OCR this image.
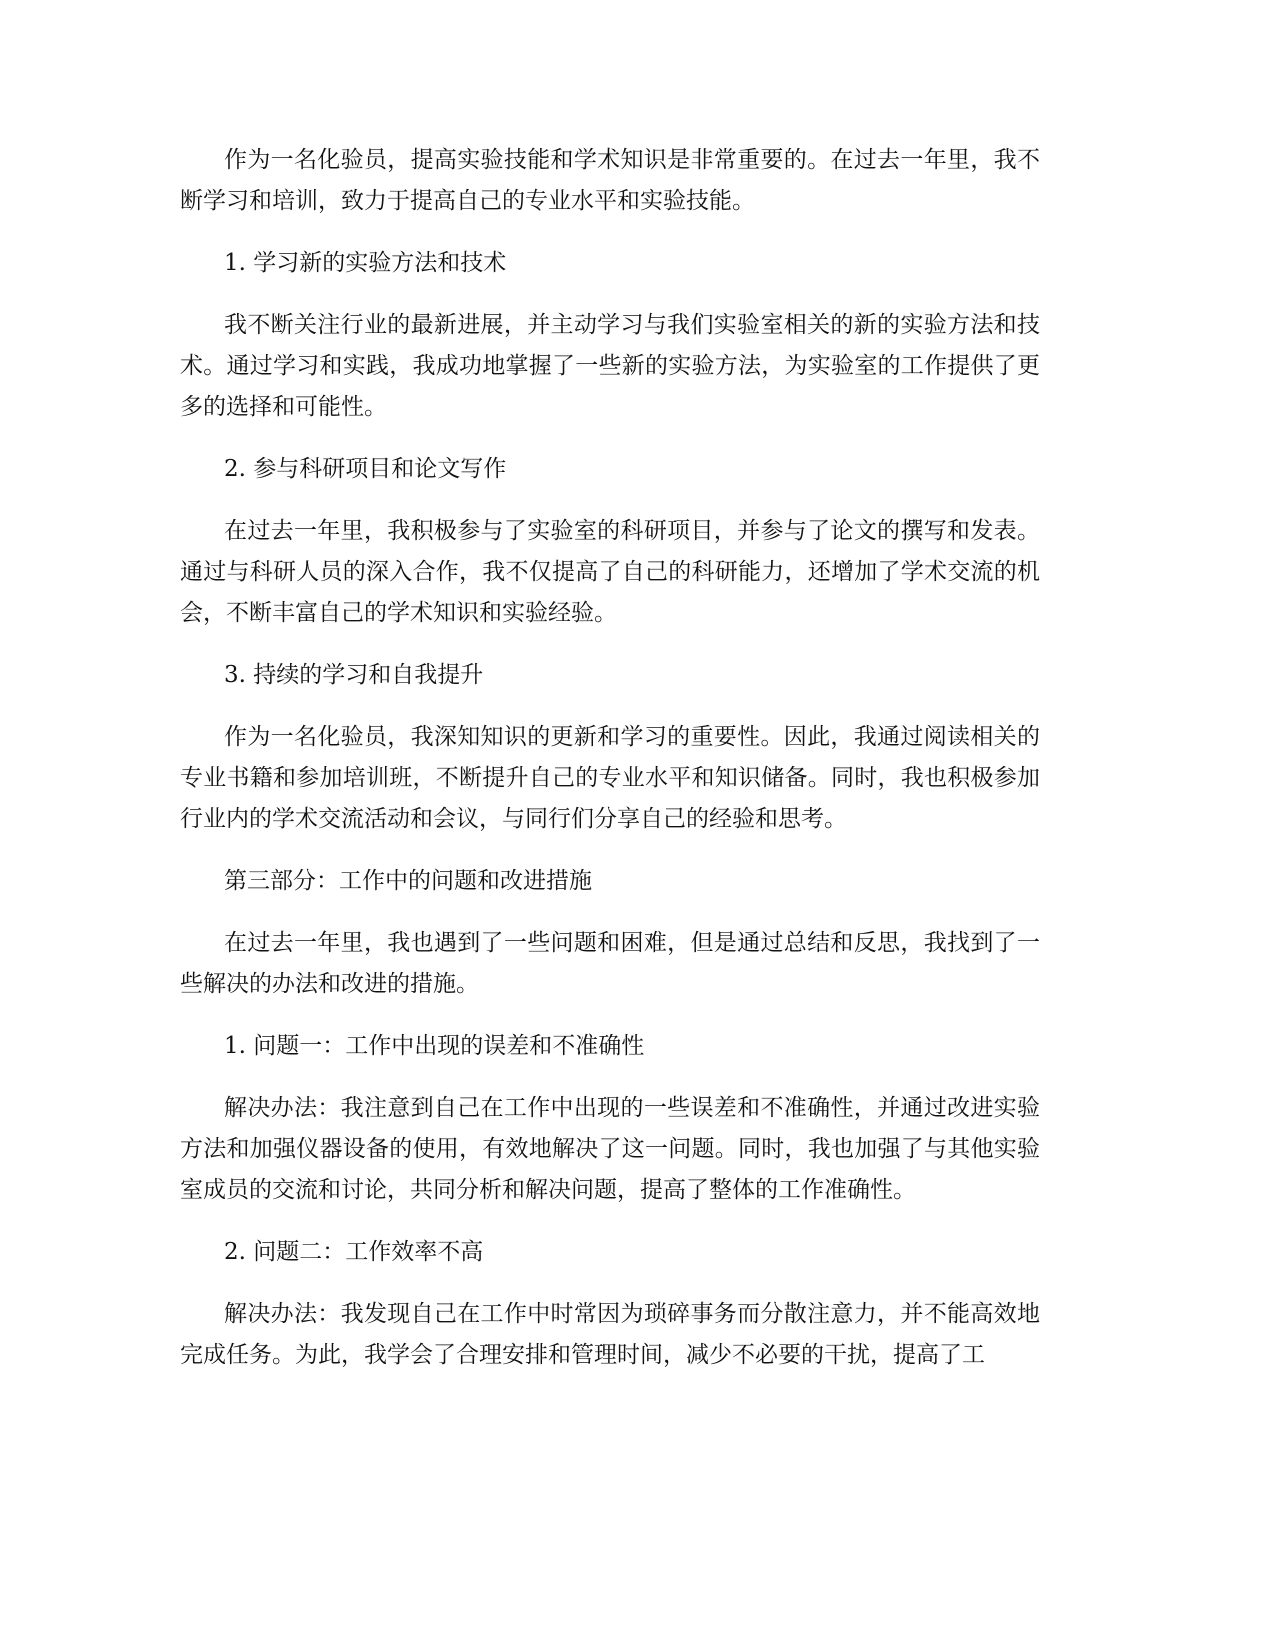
作为一名化验员，提高实验技能和学术知识是非常重要的。在过去一年里，我不断学习和培训，致力于提高自己的专业水平和实验技能。

1. 学习新的实验方法和技术

我不断关注行业的最新进展，并主动学习与我们实验室相关的新的实验方法和技术。通过学习和实践，我成功地掌握了一些新的实验方法，为实验室的工作提供了更多的选择和可能性。

2. 参与科研项目和论文写作

在过去一年里，我积极参与了实验室的科研项目，并参与了论文的撰写和发表。通过与科研人员的深入合作，我不仅提高了自己的科研能力，还增加了学术交流的机会，不断丰富自己的学术知识和实验经验。

3. 持续的学习和自我提升

作为一名化验员，我深知知识的更新和学习的重要性。因此，我通过阅读相关的专业书籍和参加培训班，不断提升自己的专业水平和知识储备。同时，我也积极参加行业内的学术交流活动和会议，与同行们分享自己的经验和思考。

第三部分：工作中的问题和改进措施

在过去一年里，我也遇到了一些问题和困难，但是通过总结和反思，我找到了一些解决的办法和改进的措施。

1. 问题一：工作中出现的误差和不准确性

解决办法：我注意到自己在工作中出现的一些误差和不准确性，并通过改进实验方法和加强仪器设备的使用，有效地解决了这一问题。同时，我也加强了与其他实验室成员的交流和讨论，共同分析和解决问题，提高了整体的工作准确性。

2. 问题二：工作效率不高

解决办法：我发现自己在工作中时常因为琐碎事务而分散注意力，并不能高效地完成任务。为此，我学会了合理安排和管理时间，减少不必要的干扰，提高了工
